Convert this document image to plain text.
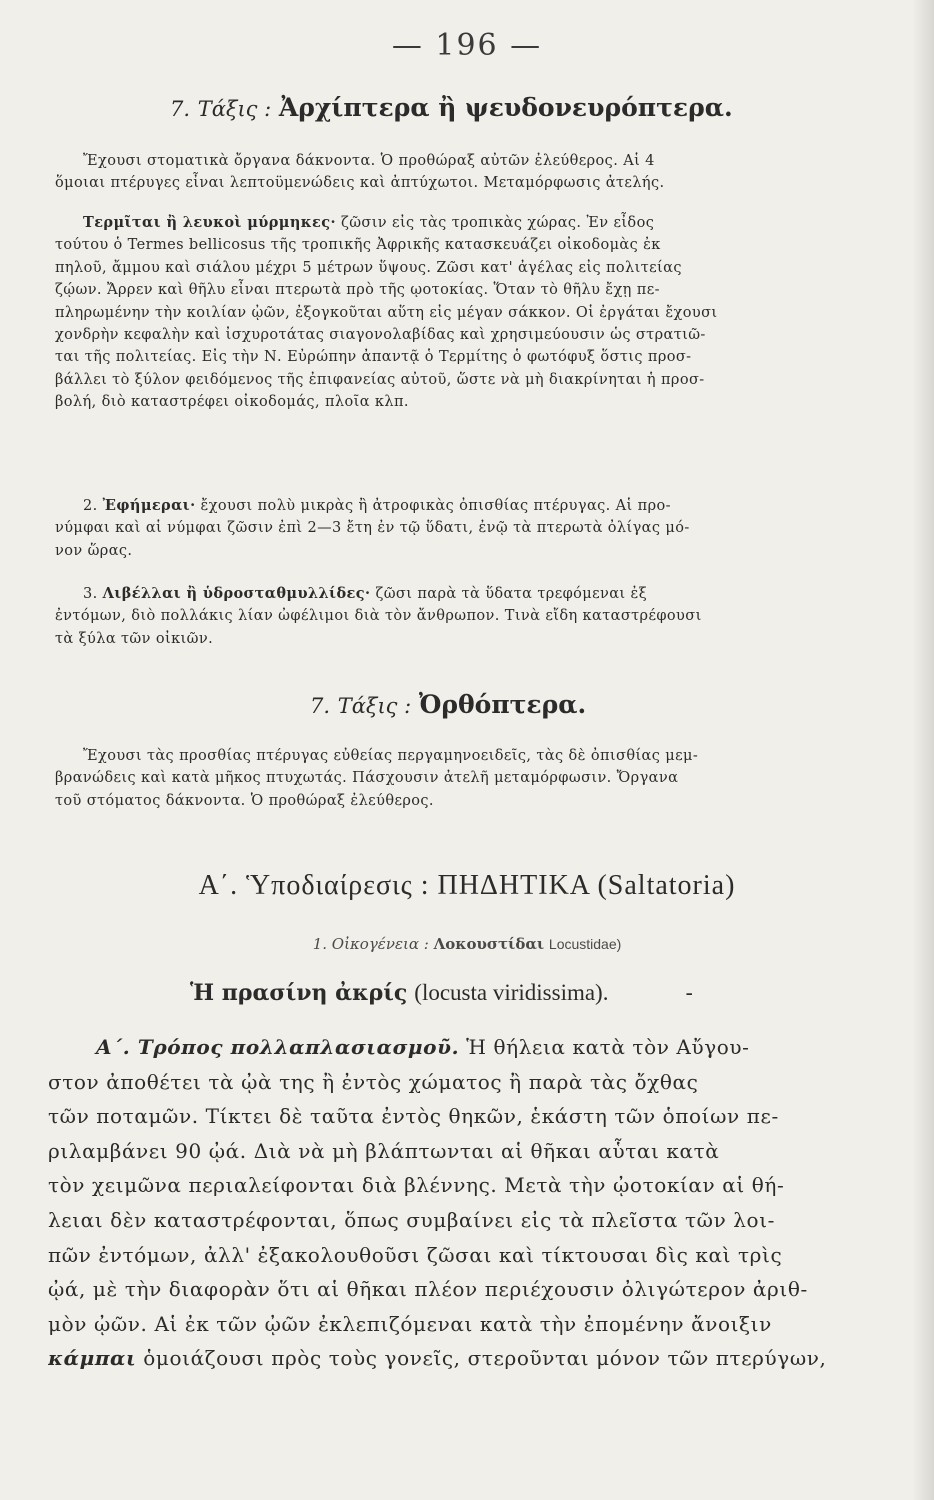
— 196 —
7. Τάξις : Ἀρχίπτερα ἢ ψευδονευρόπτερα.
Ἔχουσι στοματικὰ ὄργανα δάκνοντα. Ὁ προθώραξ αὐτῶν ἐλεύθερος. Αἱ 4
ὅμοιαι πτέρυγες εἶναι λεπτοϋμενώδεις καὶ ἀπτύχωτοι. Μεταμόρφωσις ἀτελής.
Τερμῖται ἢ λευκοὶ μύρμηκες· ζῶσιν εἰς τὰς τροπικὰς χώρας. Ἐν εἶδος
τούτου ὁ Termes bellicosus τῆς τροπικῆς Ἀφρικῆς κατασκευάζει οἰκοδομὰς ἐκ
πηλοῦ, ἄμμου καὶ σιάλου μέχρι 5 μέτρων ὕψους. Ζῶσι κατ' ἀγέλας εἰς πολιτείας
ζῴων. Ἄρρεν καὶ θῆλυ εἶναι πτερωτὰ πρὸ τῆς ῳοτοκίας. Ὅταν τὸ θῆλυ ἔχῃ πε-
πληρωμένην τὴν κοιλίαν ᾠῶν, ἐξογκοῦται αὕτη εἰς μέγαν σάκκον. Οἱ ἐργάται ἔχουσι
χονδρὴν κεφαλὴν καὶ ἰσχυροτάτας σιαγονολαβίδας καὶ χρησιμεύουσιν ὡς στρατιῶ-
ται τῆς πολιτείας. Εἰς τὴν Ν. Εὐρώπην ἀπαντᾷ ὁ Τερμίτης ὁ φωτόφυξ ὅστις προσ-
βάλλει τὸ ξύλον φειδόμενος τῆς ἐπιφανείας αὐτοῦ, ὥστε νὰ μὴ διακρίνηται ἡ προσ-
βολή, διὸ καταστρέφει οἰκοδομάς, πλοῖα κλπ.
2. Ἐφήμεραι· ἔχουσι πολὺ μικρὰς ἢ ἀτροφικὰς ὀπισθίας πτέρυγας. Αἱ προ-
νύμφαι καὶ αἱ νύμφαι ζῶσιν ἐπὶ 2—3 ἔτη ἐν τῷ ὕδατι, ἐνῷ τὰ πτερωτὰ ὀλίγας μό-
νον ὥρας.
3. Λιβέλλαι ἢ ὑδροσταθμυλλίδες· ζῶσι παρὰ τὰ ὕδατα τρεφόμεναι ἐξ
ἐντόμων, διὸ πολλάκις λίαν ὠφέλιμοι διὰ τὸν ἄνθρωπον. Τινὰ εἴδη καταστρέφουσι
τὰ ξύλα τῶν οἰκιῶν.
7. Τάξις : Ὀρθόπτερα.
Ἔχουσι τὰς προσθίας πτέρυγας εὐθείας περγαμηνοειδεῖς, τὰς δὲ ὀπισθίας μεμ-
βρανώδεις καὶ κατὰ μῆκος πτυχωτάς. Πάσχουσιν ἀτελῆ μεταμόρφωσιν. Ὄργανα
τοῦ στόματος δάκνοντα. Ὁ προθώραξ ἐλεύθερος.
Α΄. Ὑποδιαίρεσις : ΠΗΔΗΤΙΚΑ (Saltatoria)
1. Οἰκογένεια : Λοκουστίδαι Locustidae)
Ἡ πρασίνη ἀκρίς (locusta viridissima).	-
Α΄. Τρόπος πολλαπλασιασμοῦ. Ἡ θήλεια κατὰ τὸν Αὔγου-
στον ἀποθέτει τὰ ᾠὰ της ἢ ἐντὸς χώματος ἢ παρὰ τὰς ὄχθας
τῶν ποταμῶν. Τίκτει δὲ ταῦτα ἐντὸς θηκῶν, ἑκάστη τῶν ὁποίων πε-
ριλαμβάνει 90 ᾠά. Διὰ νὰ μὴ βλάπτωνται αἱ θῆκαι αὗται κατὰ
τὸν χειμῶνα περιαλείφονται διὰ βλέννης. Μετὰ τὴν ᾠοτοκίαν αἱ θή-
λειαι δὲν καταστρέφονται, ὅπως συμβαίνει εἰς τὰ πλεῖστα τῶν λοι-
πῶν ἐντόμων, ἀλλ' ἐξακολουθοῦσι ζῶσαι καὶ τίκτουσαι δὶς καὶ τρὶς
ᾠά, μὲ τὴν διαφορὰν ὅτι αἱ θῆκαι πλέον περιέχουσιν ὀλιγώτερον ἀριθ-
μὸν ᾠῶν. Αἱ ἐκ τῶν ᾠῶν ἐκλεπιζόμεναι κατὰ τὴν ἐπομένην ἄνοιξιν
κάμπαι ὁμοιάζουσι πρὸς τοὺς γονεῖς, στεροῦνται μόνον τῶν πτερύγων,
